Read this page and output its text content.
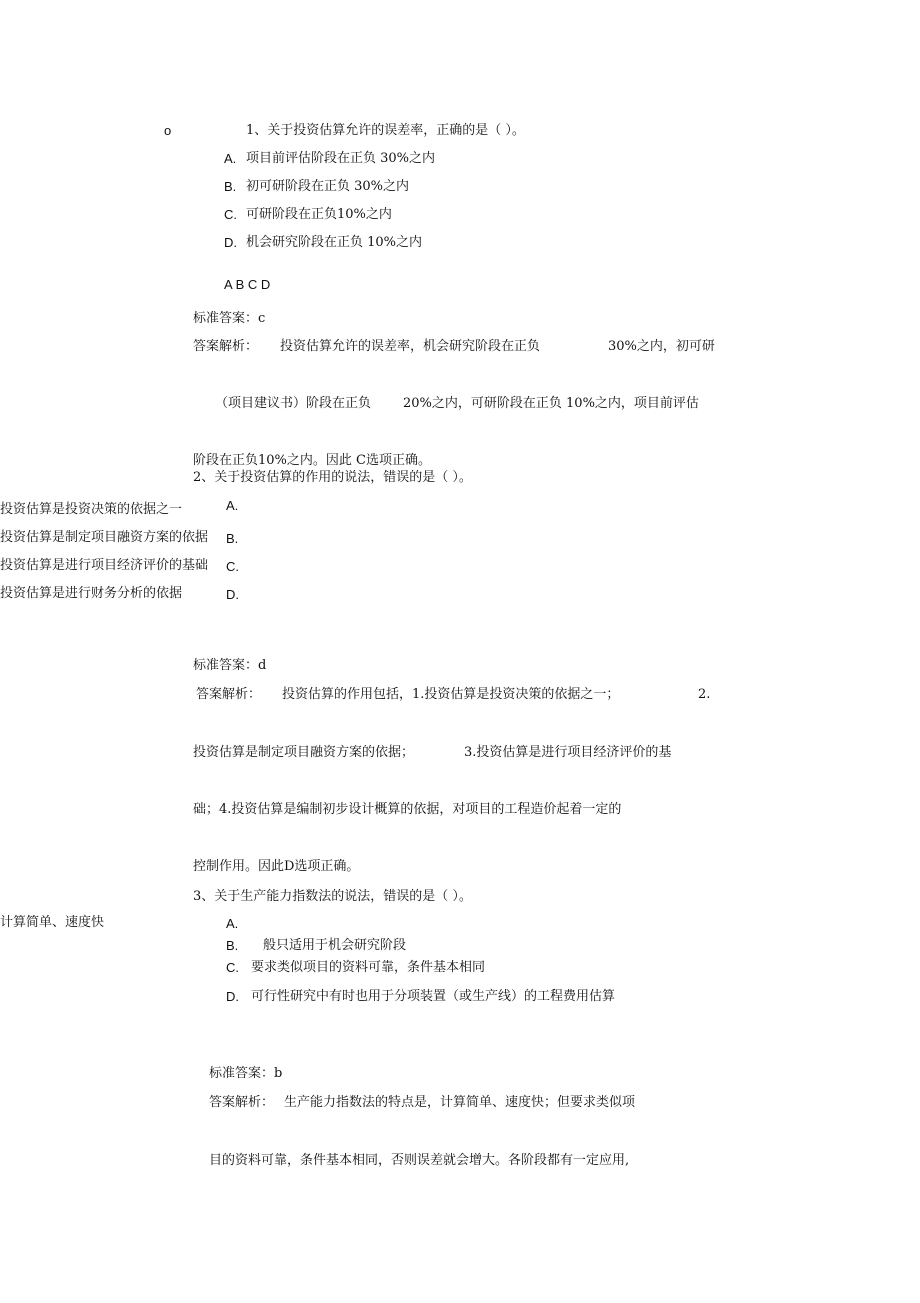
o	1、关于投资估算允许的误差率，正确的是（ ）。
A. 项目前评估阶段在正负 30%之内
B. 初可研阶段在正负 30%之内
C. 可研阶段在正负10%之内
D. 机会研究阶段在正负 10%之内
A B C D
标准答案：c
答案解析： 投资估算允许的误差率，机会研究阶段在正负	30%之内，初可研
（项目建议书）阶段在正负 20%之内，可研阶段在正负 10%之内，项目前评估
阶段在正负10%之内。因此 C选项正确。
2、关于投资估算的作用的说法，错误的是（ ）。
投资估算是投资决策的依据之一	A.
投资估算是制定项目融资方案的依据 B.
投资估算是进行项目经济评价的基础 C.
投资估算是进行财务分析的依据	D.
标准答案：d
答案解析： 投资估算的作用包括，1.投资估算是投资决策的依据之一；	2.
投资估算是制定项目融资方案的依据；	3.投资估算是进行项目经济评价的基
础；4.投资估算是编制初步设计概算的依据，对项目的工程造价起着一定的
控制作用。因此D选项正确。
3、关于生产能力指数法的说法，错误的是（ ）。
计算简单、速度快	A.
B. 般只适用于机会研究阶段
C. 要求类似项目的资料可靠，条件基本相同
D. 可行性研究中有时也用于分项装置（或生产线）的工程费用估算
标准答案：b
答案解析： 生产能力指数法的特点是，计算简单、速度快；但要求类似项
目的资料可靠，条件基本相同，否则误差就会增大。各阶段都有一定应用,
